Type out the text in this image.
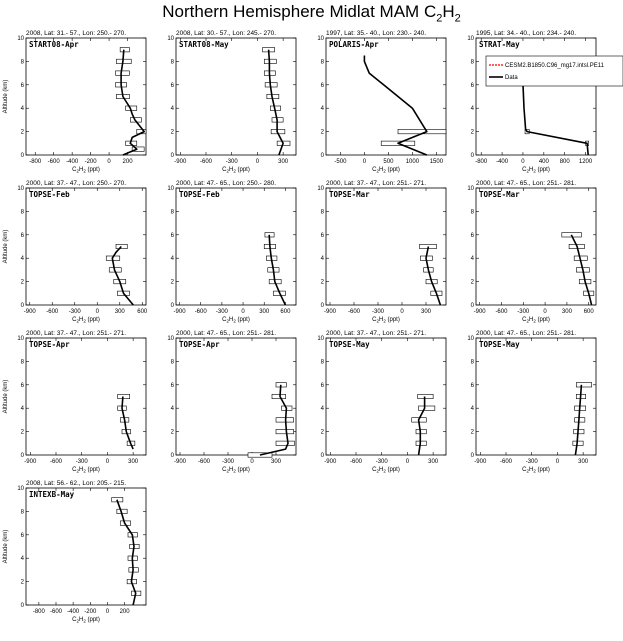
Northern Hemisphere Midlat MAM $C_2H_2$
2008, Lat: 31.- 57., Lon: 250.- 270.
START08-Apr
0
2
4
6
8
10
-800 -600 -400 -200 0 200
$C_2H_2$ (ppt)
Altitude (km)
2008, Lat: 30.- 57., Lon: 245.- 270.
START08-May
0
2
4
6
8
10
-900 -600 -300	0	300
$C_2H_2$ (ppt)
1997, Lat: 35.- 40., Lon: 230.- 240.
POLARIS-Apr
0
2
4
6
8
10
-500	0	500 1000 1500
$C_2H_2$ (ppt)
1995, Lat: 34.- 40., Lon: 234.- 240.
STRAT-May
0
2
4
6
8
10
-800 -400 0 400 800 1200
$C_2H_2$ (ppt)
2000, Lat: 37.- 47., Lon: 250.- 270.
TOPSE-Feb
0
2
4
6
8
10
-900 -600 -300 0	300 600
$C_2H_2$ (ppt)
Altitude (km)
2000, Lat: 47.- 65., Lon: 250.- 280.
TOPSE-Feb
0
2
4
6
8
10
-900 -600 -300 0 300 600
$C_2H_2$ (ppt)
2000, Lat: 37.- 47., Lon: 251.- 271.
TOPSE-Mar
0
2
4
6
8
10
-900 -600 -300	0	300
$C_2H_2$ (ppt)
2000, Lat: 47.- 65., Lon: 251.- 281.
TOPSE-Mar
0
2
4
6
8
10
-900 -600 -300 0	300 600
$C_2H_2$ (ppt)
2000, Lat: 37.- 47., Lon: 251.- 271.
TOPSE-Apr
0
2
4
6
8
10
-900 -600 -300	0	300
$C_2H_2$ (ppt)
Altitude (km)
2000, Lat: 47.- 65., Lon: 251.- 281.
TOPSE-Apr
0
2
4
6
8
10
-900 -600 -300	0	300
$C_2H_2$ (ppt)
2000, Lat: 37.- 47., Lon: 251.- 271.
TOPSE-May
0
2
4
6
8
10
-900 -600 -300	0	300
$C_2H_2$ (ppt)
2000, Lat: 47.- 65., Lon: 251.- 281.
TOPSE-May
0
2
4
6
8
10
-900 -600 -300	0	300
$C_2H_2$ (ppt)
2008, Lat: 56.- 62., Lon: 205.- 215.
INTEXB-May
0
2
4
6
8
10
-800 -600 -400 -200 0 200
$C_2H_2$ (ppt)
Altitude (km)
CESM2.B1850.C96_mg17.intsl.PE11
Data
